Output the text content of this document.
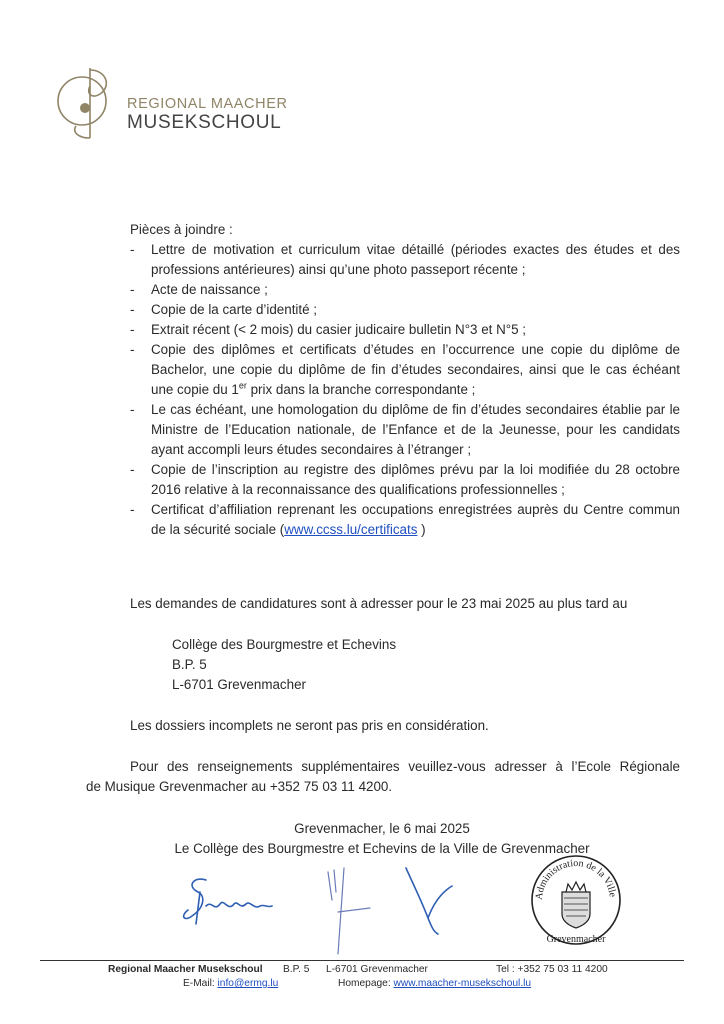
REGIONAL MAACHER
MUSEKSCHOUL
Pièces à joindre :
- Lettre de motivation et curriculum vitae détaillé (périodes exactes des études et des professions antérieures) ainsi qu’une photo passeport récente ;
- Acte de naissance ;
- Copie de la carte d’identité ;
- Extrait récent (< 2 mois) du casier judicaire bulletin N°3 et N°5 ;
- Copie des diplômes et certificats d’études en l’occurrence une copie du diplôme de Bachelor, une copie du diplôme de fin d’études secondaires, ainsi que le cas échéant une copie du 1er prix dans la branche correspondante ;
- Le cas échéant, une homologation du diplôme de fin d’études secondaires établie par le Ministre de l’Education nationale, de l’Enfance et de la Jeunesse, pour les candidats ayant accompli leurs études secondaires à l’étranger ;
- Copie de l’inscription au registre des diplômes prévu par la loi modifiée du 28 octobre 2016 relative à la reconnaissance des qualifications professionnelles ;
- Certificat d’affiliation reprenant les occupations enregistrées auprès du Centre commun de la sécurité sociale (www.ccss.lu/certificats )
Les demandes de candidatures sont à adresser pour le 23 mai 2025 au plus tard au
Collège des Bourgmestre et Echevins
B.P. 5
L-6701 Grevenmacher
Les dossiers incomplets ne seront pas pris en considération.
Pour des renseignements supplémentaires veuillez-vous adresser à l’Ecole Régionale
de Musique Grevenmacher au +352 75 03 11 4200.
Grevenmacher, le 6 mai 2025
Le Collège des Bourgmestre et Echevins de la Ville de Grevenmacher
Administration de la Ville
Grevenmacher
Regional Maacher Musekschoul B.P. 5 L-6701 Grevenmacher	Tel : +352 75 03 11 4200
E-Mail: info@ermg.lu	Homepage: www.maacher-musekschoul.lu
